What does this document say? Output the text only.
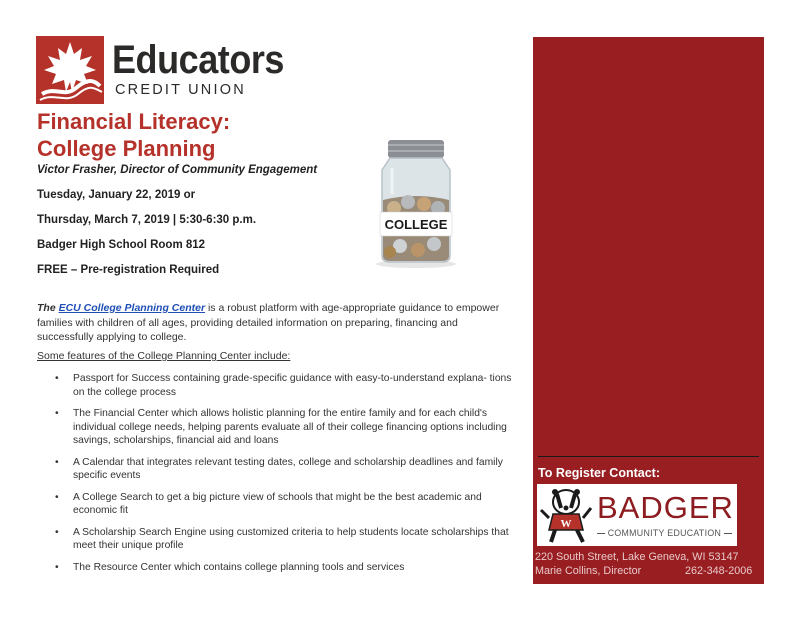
Educators
CREDIT UNION
Financial Literacy:
College Planning
Victor Frasher, Director of Community Engagement
Tuesday, January 22, 2019 or
Thursday, March 7, 2019 | 5:30-6:30 p.m.
Badger High School Room 812
FREE – Pre-registration Required
COLLEGE
The ECU College Planning Center is a robust platform with age-appropriate guidance to empower families with children of all ages, providing detailed information on preparing, financing and successfully applying to college.
Some features of the College Planning Center include:
• Passport for Success containing grade-specific guidance with easy-to-understand explana- tions on the college process
• The Financial Center which allows holistic planning for the entire family and for each child's individual college needs, helping parents evaluate all of their college financing options including savings, scholarships, financial aid and loans
• A Calendar that integrates relevant testing dates, college and scholarship deadlines and family specific events
• A College Search to get a big picture view of schools that might be the best academic and economic fit
• A Scholarship Search Engine using customized criteria to help students locate scholarships that meet their unique profile
• The Resource Center which contains college planning tools and services
To Register Contact:
W BADGER
COMMUNITY EDUCATION
220 South Street, Lake Geneva, WI 53147
Marie Collins, Director	262-348-2006
